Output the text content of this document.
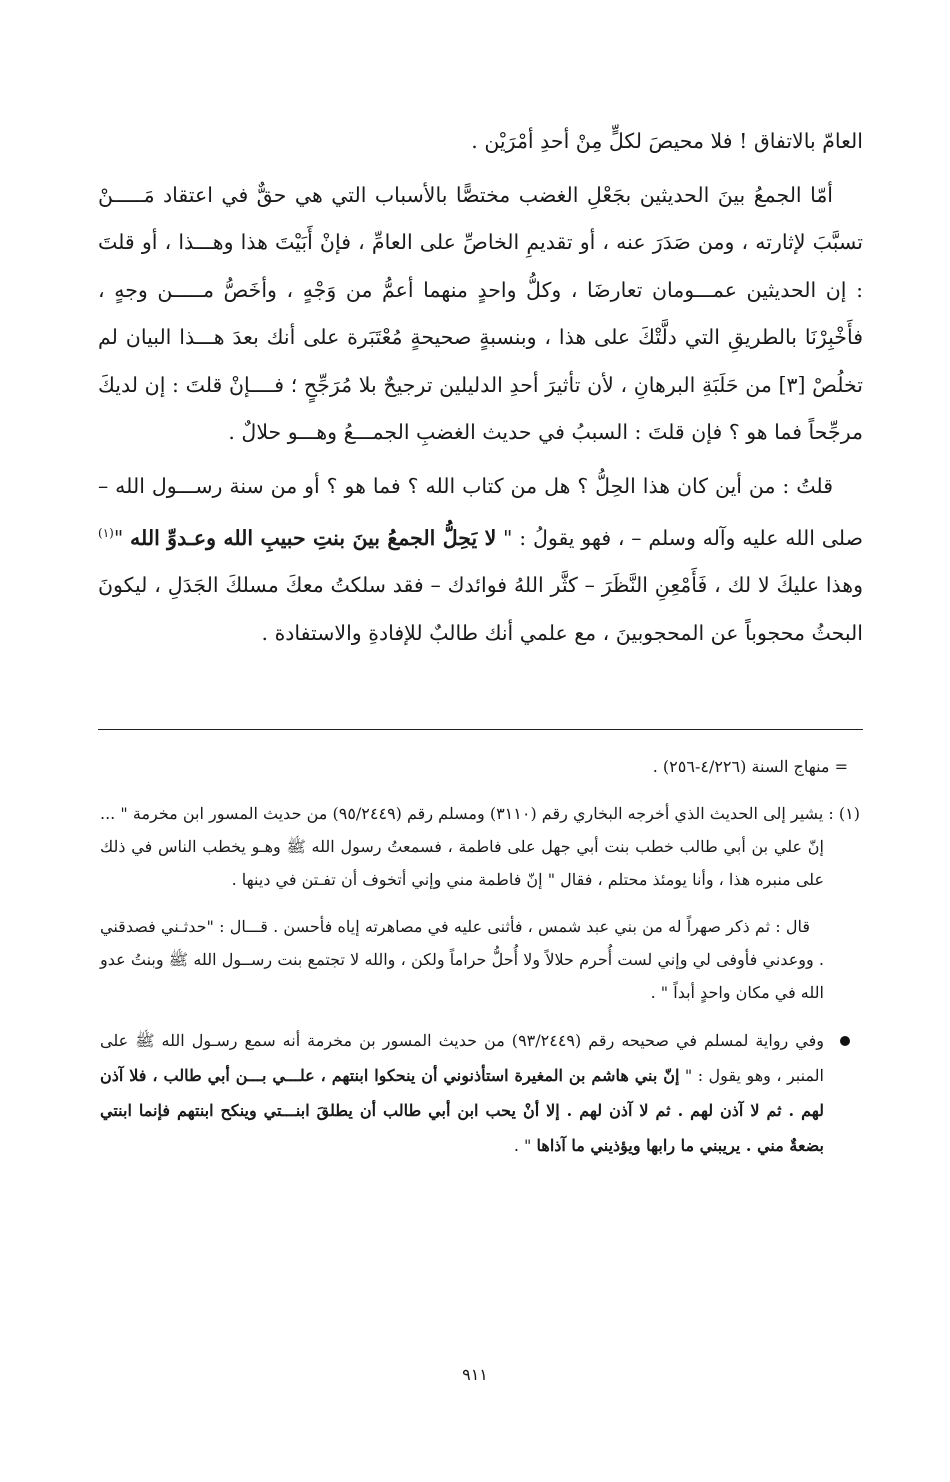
العامّ بالاتفاق ! فلا محيصَ لكلٍّ مِنْ أحدِ أمْرَيْن .

أمّا الجمعُ بينَ الحديثين بجَعْلِ الغضب مختصًّا بالأسباب التي هي حقٌّ في اعتقاد مَـــــنْ تسبَّبَ لإثارته ، ومن صَدَرَ عنه ، أو تقديمِ الخاصِّ على العامِّ ، فإنْ أَبَيْتَ هذا وهـــذا ، أو قلتَ : إن الحديثين عمـــومان تعارضَا ، وكلُّ واحدٍ منهما أعمُّ من وَجْهٍ ، وأخَصُّ مـــــن وجهٍ ، فأَخْبِرْنَا بالطريقِ التي دلَّتْكَ على هذا ، وبنسبةٍ صحيحةٍ مُعْتَبَرة على أنك بعدَ هـــذا البيان لم تخلُصْ [٣] من حَلَبَةِ البرهانِ ، لأن تأثيرَ أحدِ الدليلين ترجيحٌ بلا مُرَجِّحٍ ؛ فــــإنْ قلتَ : إن لديكَ مرجِّحاً فما هو ؟ فإن قلتَ : السببُ في حديث الغضبِ الجمـــعُ وهـــو حلالٌ .

قلتُ : من أين كان هذا الحِلُّ ؟ هل من كتاب الله ؟ فما هو ؟ أو من سنة رســـول الله – صلى الله عليه وآله وسلم – ، فهو يقولُ : " لا يَحِلُّ الجمعُ بينَ بنتِ حبيبِ الله وعـدوِّ الله "$^{(١)}$ وهذا عليكَ لا لك ، فَأَمْعِنِ النَّظَرَ – كثَّر اللهُ فوائدك – فقد سلكتُ معكَ مسلكَ الجَدَلِ ، ليكونَ البحثُ محجوباً عن المحجوبينَ ، مع علمي أنك طالبٌ للإفادةِ والاستفادة .

= منهاج السنة (٤/٢٢٦-٢٥٦) .

(١) : يشير إلى الحديث الذي أخرجه البخاري رقم (٣١١٠) ومسلم رقم (٩٥/٢٤٤٩) من حديث المسور ابن مخرمة " ... إنّ علي بن أبي طالب خطب بنت أبي جهل على فاطمة ، فسمعتُ رسول الله ﷺ وهـو يخطب الناس في ذلك على منبره هذا ، وأنا يومئذ محتلم ، فقال " إنّ فاطمة مني وإني أتخوف أن تفـتن في دينها .

قال : ثم ذكر صهراً له من بني عبد شمس ، فأثنى عليه في مصاهرته إياه فأحسن . قـــال : "حدثـني فصدقني . ووعدني فأوفى لي وإني لست أُحرم حلالاً ولا أُحلُّ حراماً ولكن ، والله لا تجتمع بنت رســول الله ﷺ وبنتُ عدو الله في مكان واحدٍ أبداً " .

وفي رواية لمسلم في صحيحه رقم (٩٣/٢٤٤٩) من حديث المسور بن مخرمة أنه سمع رسـول الله ﷺ على المنبر ، وهو يقول : " إنّ بني هاشم بن المغيرة استأذنوني أن ينحكوا ابنتهم ، علـــي بـــن أبي طالب ، فلا آذن لهم . ثم لا آذن لهم . ثم لا آذن لهم . إلا أنْ يحب ابن أبي طالب أن يطلقَ ابنـــتي وينكح ابنتهم فإنما ابنتي بضعةٌ مني . يريبني ما رابها ويؤذيني ما آذاها " .

٩١١
